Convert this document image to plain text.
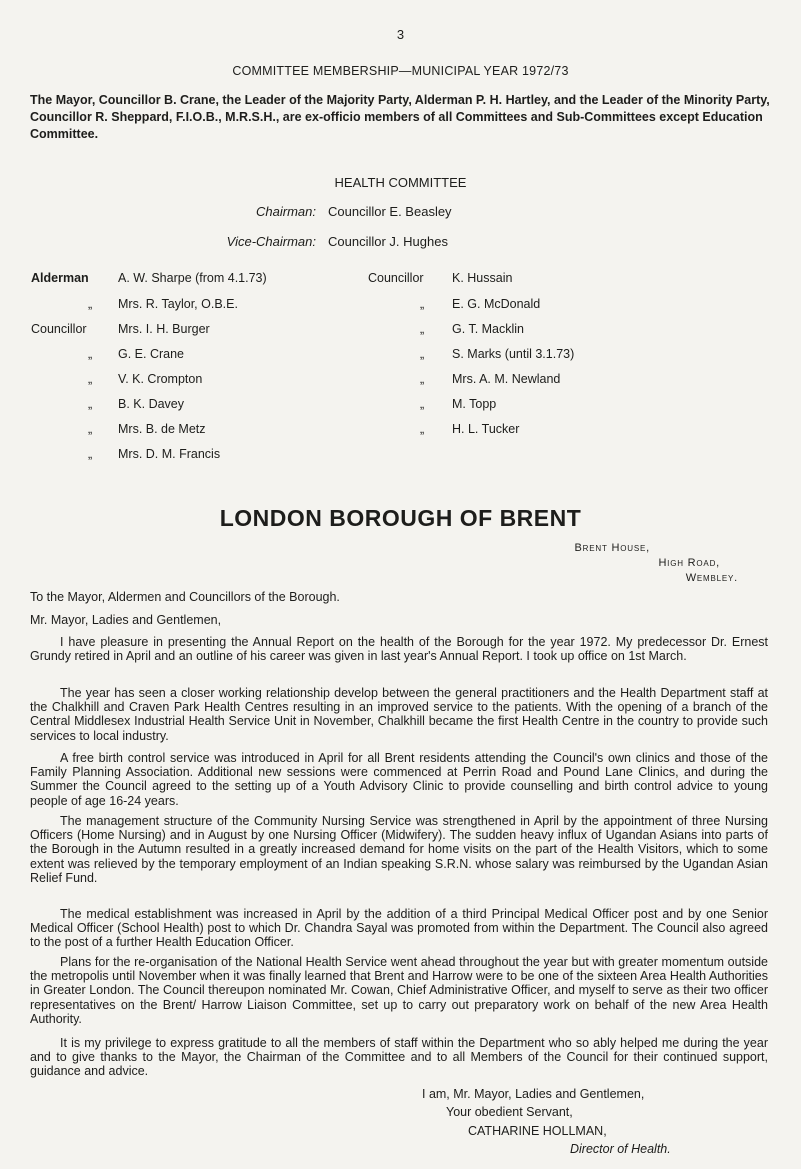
3
COMMITTEE MEMBERSHIP—MUNICIPAL YEAR 1972/73
The Mayor, Councillor B. Crane, the Leader of the Majority Party, Alderman P. H. Hartley, and the Leader of the Minority Party, Councillor R. Sheppard, F.I.O.B., M.R.S.H., are ex-officio members of all Committees and Sub-Committees except Education Committee.
HEALTH COMMITTEE
Chairman: Councillor E. Beasley
Vice-Chairman: Councillor J. Hughes
Alderman A. W. Sharpe (from 4.1.73)
„ Mrs. R. Taylor, O.B.E.
Councillor	Mrs. I. H. Burger
„ G. E. Crane
„ V. K. Crompton
„ B. K. Davey
„ Mrs. B. de Metz
„ Mrs. D. M. Francis
Councillor K. Hussain
„ E. G. McDonald
„ G. T. Macklin
„ S. Marks (until 3.1.73)
„ Mrs. A. M. Newland
„ M. Topp
„ H. L. Tucker
LONDON BOROUGH OF BRENT
Brent House,
High Road,
Wembley.
To the Mayor, Aldermen and Councillors of the Borough.
Mr. Mayor, Ladies and Gentlemen,
I have pleasure in presenting the Annual Report on the health of the Borough for the year 1972. My predecessor Dr. Ernest Grundy retired in April and an outline of his career was given in last year's Annual Report. I took up office on 1st March.
The year has seen a closer working relationship develop between the general practitioners and the Health Department staff at the Chalkhill and Craven Park Health Centres resulting in an improved service to the patients. With the opening of a branch of the Central Middlesex Industrial Health Service Unit in November, Chalkhill became the first Health Centre in the country to provide such services to local industry.
A free birth control service was introduced in April for all Brent residents attending the Council's own clinics and those of the Family Planning Association. Additional new sessions were commenced at Perrin Road and Pound Lane Clinics, and during the Summer the Council agreed to the setting up of a Youth Advisory Clinic to provide counselling and birth control advice to young people of age 16-24 years.
The management structure of the Community Nursing Service was strengthened in April by the appointment of three Nursing Officers (Home Nursing) and in August by one Nursing Officer (Midwifery). The sudden heavy influx of Ugandan Asians into parts of the Borough in the Autumn resulted in a greatly increased demand for home visits on the part of the Health Visitors, which to some extent was relieved by the temporary employment of an Indian speaking S.R.N. whose salary was reimbursed by the Ugandan Asian Relief Fund.
The medical establishment was increased in April by the addition of a third Principal Medical Officer post and by one Senior Medical Officer (School Health) post to which Dr. Chandra Sayal was promoted from within the Department. The Council also agreed to the post of a further Health Education Officer.
Plans for the re-organisation of the National Health Service went ahead throughout the year but with greater momentum outside the metropolis until November when it was finally learned that Brent and Harrow were to be one of the sixteen Area Health Authorities in Greater London. The Council thereupon nominated Mr. Cowan, Chief Administrative Officer, and myself to serve as their two officer representatives on the Brent/ Harrow Liaison Committee, set up to carry out preparatory work on behalf of the new Area Health Authority.
It is my privilege to express gratitude to all the members of staff within the Department who so ably helped me during the year and to give thanks to the Mayor, the Chairman of the Committee and to all Members of the Council for their continued support, guidance and advice.
I am, Mr. Mayor, Ladies and Gentlemen,
Your obedient Servant,
CATHARINE HOLLMAN,
Director of Health.
